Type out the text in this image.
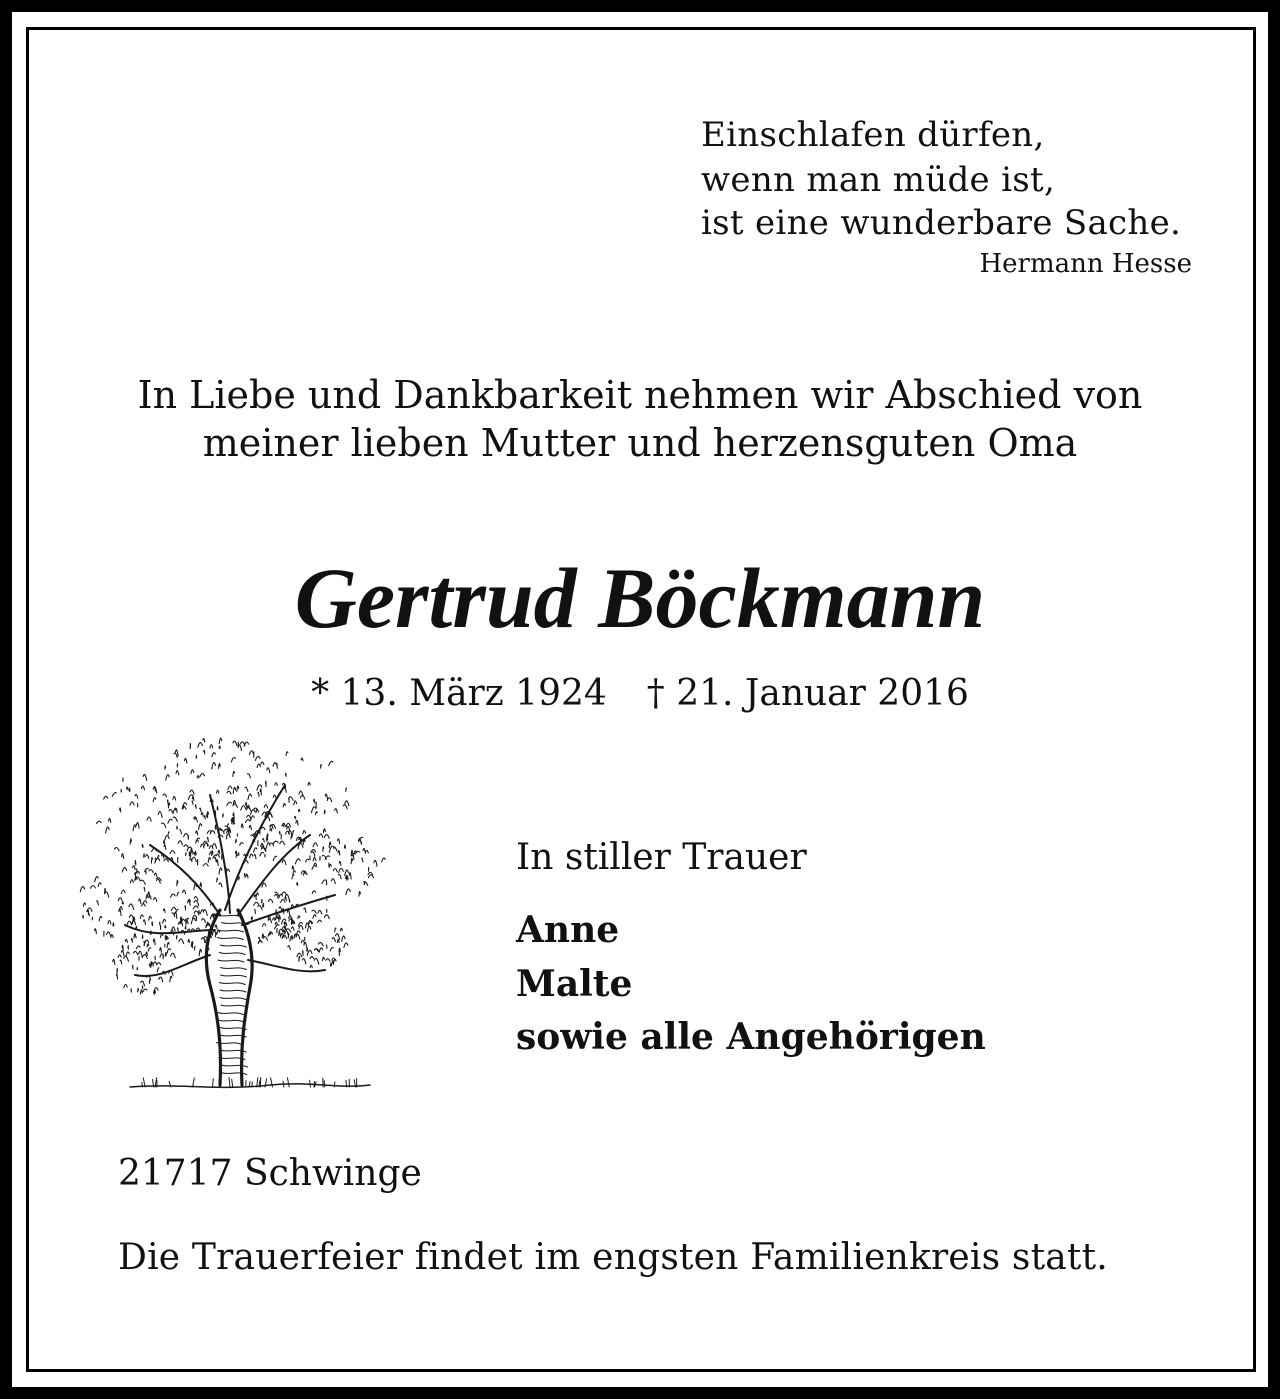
Einschlafen dürfen,
wenn man müde ist,
ist eine wunderbare Sache.
Hermann Hesse
In Liebe und Dankbarkeit nehmen wir Abschied von
meiner lieben Mutter und herzensguten Oma
Gertrud Böckmann
* 13. März 1924 † 21. Januar 2016
In stiller Trauer
Anne
Malte
sowie alle Angehörigen
21717 Schwinge
Die Trauerfeier findet im engsten Familienkreis statt.
